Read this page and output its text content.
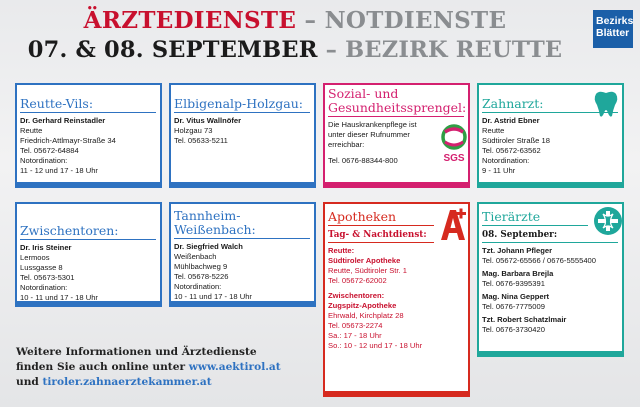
ÄRZTEDIENSTE – NOTDIENSTE
07. & 08. SEPTEMBER – BEZIRK REUTTE
Bezirks
Blätter
Reutte-Vils:
Dr. Gerhard Reinstadler
Reutte
Friedrich-Attlmayr-Straße 34
Tel. 05672-64884
Notordination:
11 - 12 und 17 - 18 Uhr
Elbigenalp-Holzgau:
Dr. Vitus Wallnöfer
Holzgau 73
Tel. 05633-5211
Sozial- und
Gesundheitssprengel:
Die Hauskrankenpflege ist
unter dieser Rufnummer
erreichbar:
Tel. 0676-88344-800	SGS
Zahnarzt:
Dr. Astrid Ebner
Reutte
Südtiroler Straße 18
Tel. 05672-63562
Notordination:
9 - 11 Uhr
Zwischentoren:
Dr. Iris Steiner
Lermoos
Lussgasse 8
Tel. 05673-5301
Notordination:
10 - 11 und 17 - 18 Uhr
Tannheim-
Weißenbach:
Dr. Siegfried Walch
Weißenbach
Mühlbachweg 9
Tel. 05678-5226
Notordination:
10 - 11 und 17 - 18 Uhr
Apotheken
Tag- & Nachtdienst:
Reutte:
Südtiroler Apotheke
Reutte, Südtiroler Str. 1
Tel. 05672-62002
Zwischentoren:
Zugspitz-Apotheke
Ehrwald, Kirchplatz 28
Tel. 05673-2274
Sa.: 17 - 18 Uhr
So.: 10 - 12 und 17 - 18 Uhr
Tierärzte
08. September:
Tzt. Johann Pfleger
Tel. 05672-65566 / 0676-5555400
Mag. Barbara Brejla
Tel. 0676-9395391
Mag. Nina Geppert
Tel. 0676-7775009
Tzt. Robert Schatzlmair
Tel. 0676-3730420
Weitere Informationen und Ärztedienste
finden Sie auch online unter www.aektirol.at
und tiroler.zahnaerztekammer.at
